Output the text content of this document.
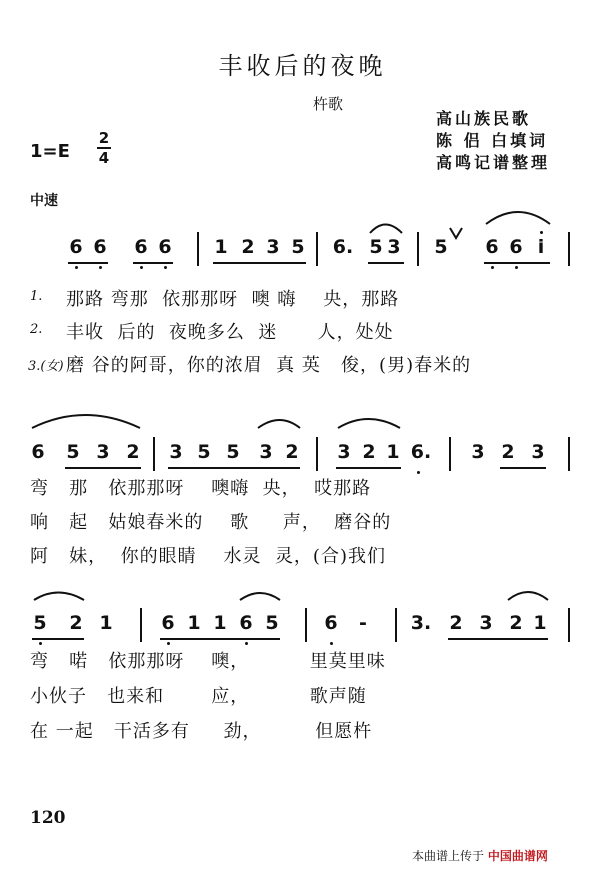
丰收后的夜晚
杵歌
高山族民歌
陈 侣 白填词
高鸣记谱整理
1=E
2
4
中速
6 6 6 6 1 2 3 5 6. 5 3 5 6 6 i
1.
2.
3.(女)
那路 弯那  依那那呀  噢 嗨    央，那路
丰收  后的  夜晚多么  迷      人，处处
磨 谷的阿哥，你的浓眉  真 英   俊，(男)春米的
6 5 3 2 3 5 5 3 2 3 2 1 6. 3 2 3
弯   那   依那那呀    噢嗨  央，  哎那路
响   起   姑娘春米的    歌     声，  磨谷的
阿   妹，  你的眼睛    水灵  灵，(合)我们
5 2 1	6 1 1 6 5 6 - 3. 2 3 2 1
弯   喏   依那那呀    噢，         里莫里味
小伙子   也来和       应，         歌声随
在 一起   干活多有     劲，        但愿杵
120
本曲谱上传于 中国曲谱网
